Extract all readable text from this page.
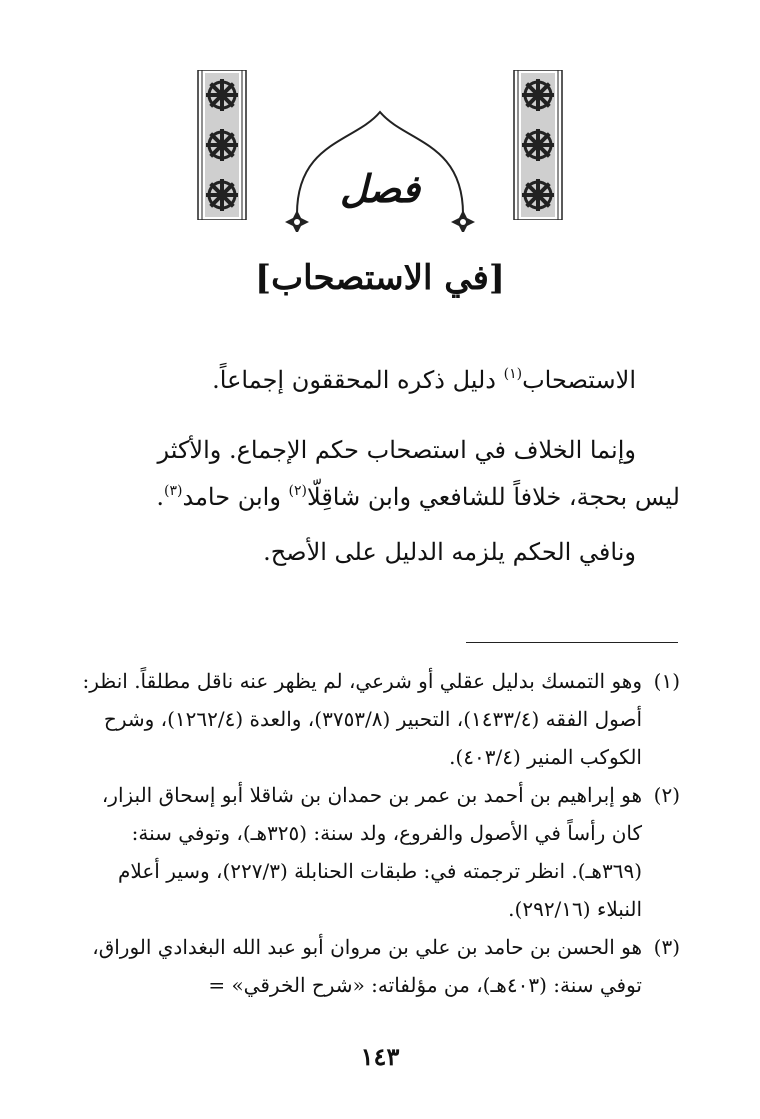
فصل
[في الاستصحاب]

الاستصحاب$^{(١)}$ دليل ذكره المحققون إجماعاً.

وإنما الخلاف في استصحاب حكم الإجماع. والأكثر

ليس بحجة، خلافاً للشافعي وابن شاقِلّا$^{(٢)}$ وابن حامد$^{(٣)}$.

ونافي الحكم يلزمه الدليل على الأصح.

(١)
وهو التمسك بدليل عقلي أو شرعي، لم يظهر عنه ناقل مطلقاً. انظر: أصول الفقه (١٤٣٣/٤)، التحبير (٣٧٥٣/٨)، والعدة (١٢٦٢/٤)، وشرح الكوكب المنير (٤٠٣/٤).

(٢)
هو إبراهيم بن أحمد بن عمر بن حمدان بن شاقلا أبو إسحاق البزار، كان رأساً في الأصول والفروع، ولد سنة: (٣٢٥هـ)، وتوفي سنة: (٣٦٩هـ). انظر ترجمته في: طبقات الحنابلة (٢٢٧/٣)، وسير أعلام النبلاء (٢٩٢/١٦).

(٣)
هو الحسن بن حامد بن علي بن مروان أبو عبد الله البغدادي الوراق، توفي سنة: (٤٠٣هـ)، من مؤلفاته: «شرح الخرقي» =

١٤٣
